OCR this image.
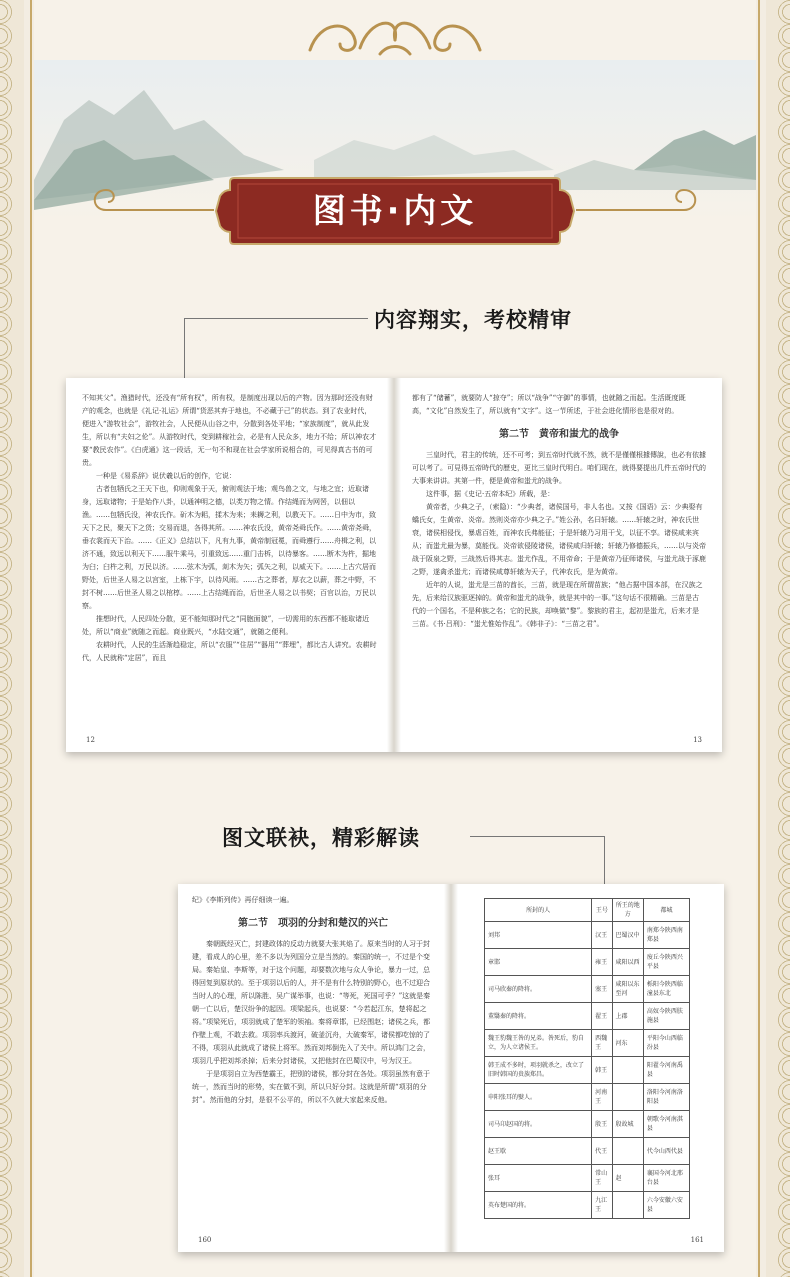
图书·内文
内容翔实，考校精审

不知其父”。渔猎时代，还没有“所有权”，所有权，是制度出现以后的产物。因为那时还没有财产的观念，也就是《礼记·礼运》所谓“货恶其弃于地也，不必藏于己”的状态。到了农业时代，便进入“游牧社会”，游牧社会，人民便从山谷之中，分散到各处平地；“家族制度”，就从此发生，所以有“夫妇之伦”。从游牧时代，变到耕稼社会，必是有人民众多，地力不给；所以神农才要“教民农作”。《白虎通》这一段话，无一句不和现在社会学家所说相合的，可见得真古书的可贵。

一种是《易系辞》说伏羲以后的创作，它说：

古者包牺氏之王天下也，仰则观象于天，俯则观法于地；观鸟兽之文，与地之宜；近取诸身，远取诸物；于是始作八卦，以通神明之德，以类万物之情。作结绳而为网罟，以佃以渔。……包牺氏没，神农氏作。斫木为耜，揉木为耒；耒耨之利，以教天下。……日中为市，致天下之民，聚天下之货；交易而退，各得其所。……神农氏没，黄帝尧舜氏作。……黄帝尧舜，垂衣裳而天下治。……《正义》总结以下，凡有九事，黄帝制冠冕，而舜遵行……舟楫之利，以济不通，致远以利天下……服牛乘马，引重致远……重门击柝，以待暴客。……断木为杵，掘地为臼；臼杵之利，万民以济。……弦木为弧，剡木为矢；弧矢之利，以威天下。……上古穴居而野处，后世圣人易之以宫室，上栋下宇，以待风雨。……古之葬者，厚衣之以薪，葬之中野，不封不树……后世圣人易之以棺椁。……上古结绳而治，后世圣人易之以书契；百官以治，万民以察。

推想时代，人民四处分散，更不能知那时代之“同胞面貌”，一切需用的东西都不能取诸近处，所以“商业”就随之而起。商业既兴，“水陆交通”，就随之便利。

农耕时代，人民的生活渐趋稳定，所以“衣服”“住居”“器用”“葬埋”，都比古人讲究。农耕时代，人民就称“定居”，而且

12

都有了“储蓄”，就要防人“掠夺”；所以“战争”“守御”的事情，也就随之而起。生活既度既高，“文化”自然发生了，所以就有“文字”。这一节所述，于社会进化情形也是很对的。

第二节　黄帝和蚩尤的战争

三皇时代，君主的传统，还不可考；到五帝时代就不然，就不是僅僅根據傳說，也必有依據可以考了。可見得五帝時代的歷史，更比三皇时代明白。咱们现在，就得要提出几件五帝时代的大事来讲讲。其第一件，便是黄帝和蚩尤的战争。

这件事，据《史记·五帝本纪》所载，是：

黄帝者，少典之子，（索隐）：“少典者，诸侯国号，非人名也。又按《国语》云：少典娶有蟜氏女，生黄帝、炎帝。然则炎帝亦少典之子。”姓公孙，名曰轩辕。……轩辕之时，神农氏世衰，诸侯相侵伐，暴虐百姓，而神农氏弗能征；于是轩辕乃习用干戈，以征不享。诸侯咸来宾从；而蚩尤最为暴，莫能伐。炎帝欲侵陵诸侯，诸侯咸归轩辕；轩辕乃修德振兵，……以与炎帝战于阪泉之野，三战然后得其志。蚩尤作乱，不用帝命；于是黄帝乃征师诸侯，与蚩尤战于涿鹿之野，遂禽杀蚩尤；而诸侯咸尊轩辕为天子，代神农氏，是为黄帝。

近年的人说，蚩尤是三苗的酋长，三苗，就是现在所谓苗族；“他占据中国本部，在汉族之先，后来给汉族驱逐掉的。黄帝和蚩尤的战争，就是其中的一事。”这句话不很精确。三苗是古代的一个国名，不是种族之名；它的民族，却唤做“黎”。黎族的君主，起初是蚩尤，后来才是三苗。《书·吕刑》：“蚩尤惟始作乱”。《韩非子》：“三苗之君”。

13
图文联袂，精彩解读

纪》《李斯列传》再仔细读一遍。

第二节　项羽的分封和楚汉的兴亡

秦朝既经灭亡，封建政体的反动力就要大张其焰了。原来当时的人习于封建，看成人的心里，差不多以为列国分立是当然的。秦国的统一，不过是个变局。秦始皇、李斯等，对于这个问题，却要数次地与众人争论，暴力一过，总得回复到原状的。至于项羽以后的人，并不是有什么特别的野心，也不过迎合当时人的心理，所以陈胜、吴广谋举事，也说：“等死，死国可乎？”这就是秦朝一亡以后，楚汉纷争的起因。项梁起兵，也说要：“今若起江东，楚将起之将。”项梁死后，项羽就成了楚军的领袖。秦将章邯，已经围赵；诸侯之兵，都作壁上观，不敢去救。项羽率兵渡河，破釜沉舟，大破秦军，诸侯都吃惊的了不得，项羽从此就成了诸侯上将军。然而刘邦倒先入了关中。所以鸿门之会，项羽几乎把刘邦杀掉；后来分封诸侯，又把他封在巴蜀汉中，号为汉王。

于是项羽自立为西楚霸王，把别的诸侯，都分封在各处。项羽虽然有意于统一，然而当时的形势，实在做不到，所以只好分封。这就是所谓“项羽的分封”。然而他的分封，是很不公平的，所以不久就大家起来反他。

160
所封的人	王号	所王的地方	都城
刘邦	汉王	巴蜀汉中	南郑今陕西南郑县
章邯	雍王	咸阳以西	废丘今陕西兴平县
司马欣秦的降将。	塞王	咸阳以东至河	栎阳今陕西临潼县东北
董翳秦的降将。	翟王	上郡	高奴今陕西肤施县
魏王豹魏王咎的兄弟。咎死后，豹自立，为人立诸侯王。	西魏王	河东	平阳今山西临汾县
韩王成不多时，项羽就杀之，改立了旧时韩国的贵族郑昌。	韩王		阳翟今河南禹县
申阳张耳的嬖人。	河南王		洛阳今河南洛阳县
司马卬赵国的将。	殷王	殷故城	朝歌今河南淇县
赵王歇	代王		代今山西代县
张耳	常山王	赵	襄国今河北邢台县
英布楚国的将。	九江王		六今安徽六安县
161
